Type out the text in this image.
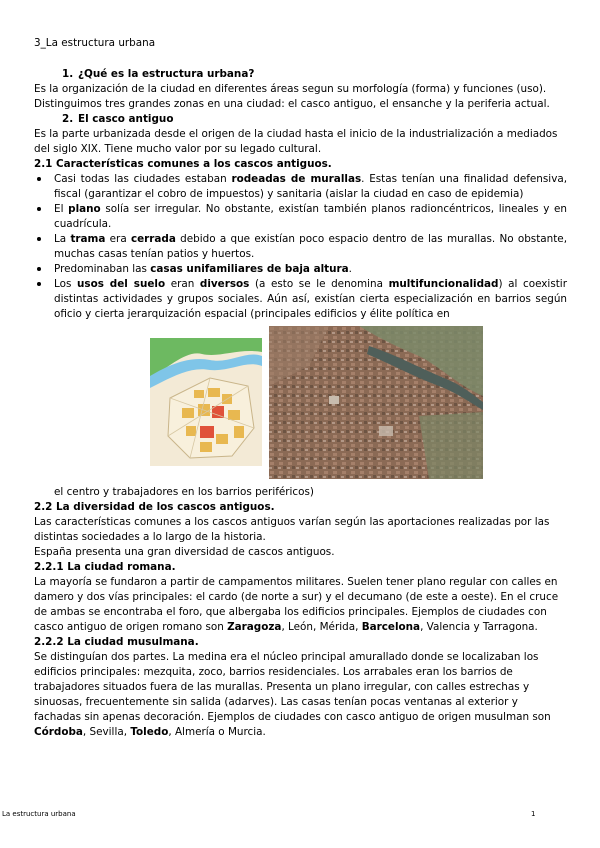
3_La estructura urbana

1. ¿Qué es la estructura urbana?

Es la organización de la ciudad en diferentes áreas segun su morfología (forma) y funciones (uso). Distinguimos tres grandes zonas en una ciudad: el casco antiguo, el ensanche y la periferia actual.

2. El casco antiguo

Es la parte urbanizada desde el origen de la ciudad hasta el inicio de la industrialización a mediados del siglo XIX. Tiene mucho valor por su legado cultural.

2.1 Características comunes a los cascos antiguos.

Casi todas las ciudades estaban rodeadas de murallas. Estas tenían una finalidad defensiva, fiscal (garantizar el cobro de impuestos) y sanitaria (aislar la ciudad en caso de epidemia)
El plano solía ser irregular. No obstante, existían también planos radioncéntricos, lineales y en cuadrícula.
La trama era cerrada debido a que existían poco espacio dentro de las murallas. No obstante, muchas casas tenían patios y huertos.
Predominaban las casas unifamiliares de baja altura.
Los usos del suelo eran diversos (a esto se le denomina multifuncionalidad) al coexistir distintas actividades y grupos sociales. Aún así, existían cierta especialización en barrios según oficio y cierta jerarquización espacial (principales edificios y élite política en

el centro y trabajadores en los barrios periféricos)

2.2 La diversidad de los cascos antiguos.

Las características comunes a los cascos antiguos varían según las aportaciones realizadas por las distintas sociedades a lo largo de la historia.

España presenta una gran diversidad de cascos antiguos.

2.2.1 La ciudad romana.

La mayoría se fundaron a partir de campamentos militares. Suelen tener plano regular con calles en damero y dos vías principales: el cardo (de norte a sur) y el decumano (de este a oeste). En el cruce de ambas se encontraba el foro, que albergaba los edificios principales. Ejemplos de ciudades con casco antiguo de origen romano son Zaragoza, León, Mérida, Barcelona, Valencia y Tarragona.

2.2.2 La ciudad musulmana.

Se distinguían dos partes. La medina era el núcleo principal amurallado donde se localizaban los edificios principales: mezquita, zoco, barrios residenciales. Los arrabales eran los barrios de trabajadores situados fuera de las murallas. Presenta un plano irregular, con calles estrechas y sinuosas, frecuentemente sin salida (adarves). Las casas tenían pocas ventanas al exterior y fachadas sin apenas decoración. Ejemplos de ciudades con casco antiguo de origen musulman son Córdoba, Sevilla, Toledo, Almería o Murcia.

La estructura urbana	1
